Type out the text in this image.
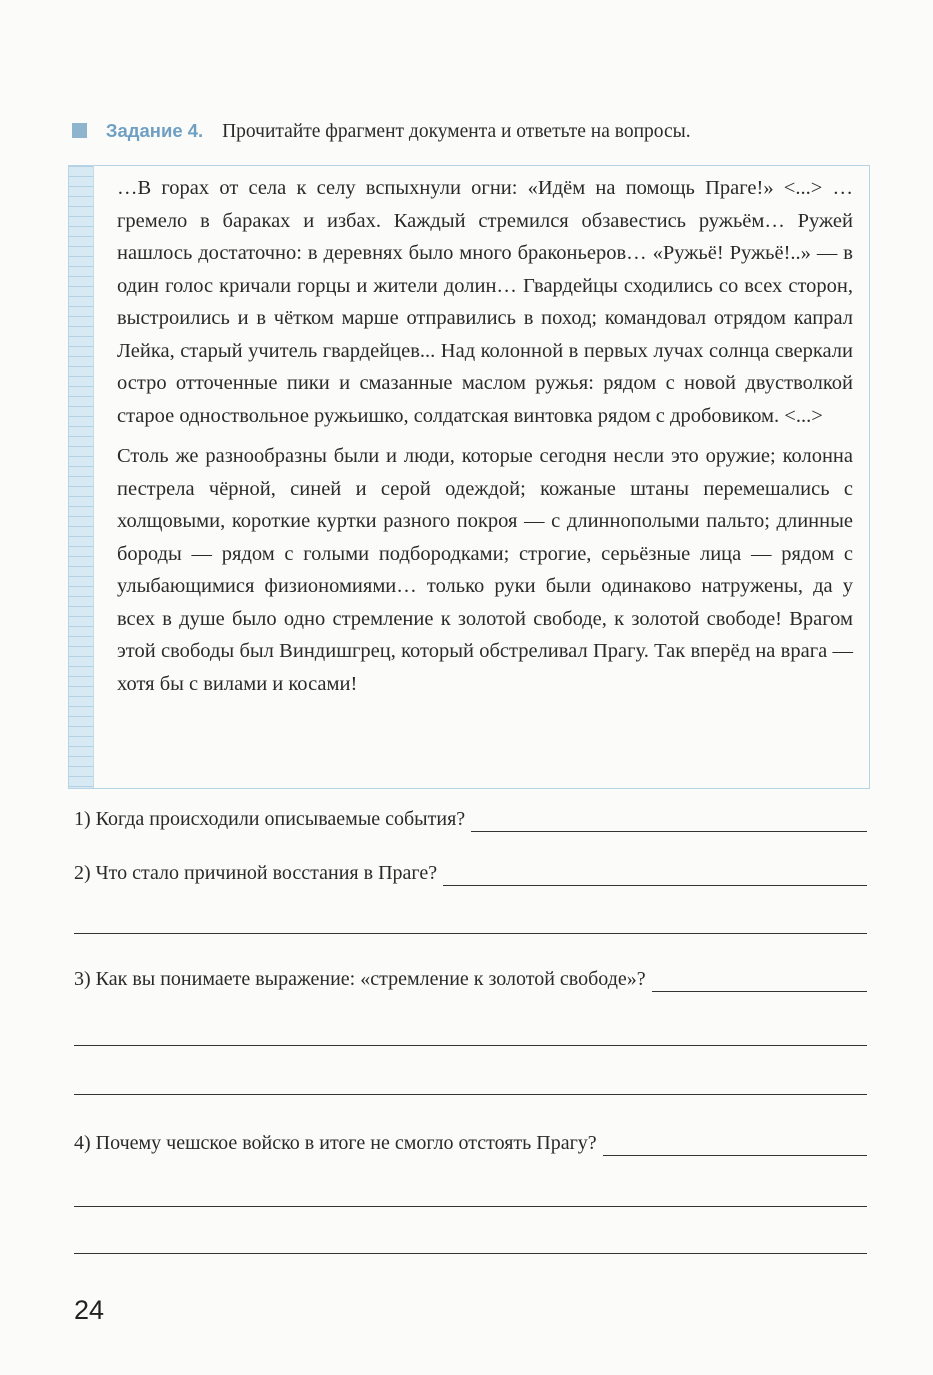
Задание 4. Прочитайте фрагмент документа и ответьте на вопросы.

…В горах от села к селу вспыхнули огни: «Идём на помощь Праге!» <...> …гремело в бараках и избах. Каждый стремился обзавестись ружьём… Ружей нашлось достаточно: в деревнях было много браконьеров… «Ружьё! Ружьё!..» — в один голос кричали горцы и жители долин… Гвардейцы сходились со всех сторон, выстроились и в чётком марше отправились в поход; командовал отрядом капрал Лейка, старый учитель гвардейцев... Над колонной в первых лучах солнца сверкали остро отточенные пики и смазанные маслом ружья: рядом с новой двустволкой старое одноствольное ружьишко, солдатская винтовка рядом с дробовиком. <...>

Столь же разнообразны были и люди, которые сегодня несли это оружие; колонна пестрела чёрной, синей и серой одеждой; кожаные штаны перемешались с холщовыми, короткие куртки разного покроя — с длиннополыми пальто; длинные бороды — рядом с голыми подбородками; строгие, серьёзные лица — рядом с улыбающимися физиономиями… только руки были одинаково натружены, да у всех в душе было одно стремление к золотой свободе, к золотой свободе! Врагом этой свободы был Виндишгрец, который обстреливал Прагу. Так вперёд на врага — хотя бы с вилами и косами!

1) Когда происходили описываемые события?
2) Что стало причиной восстания в Праге?
3) Как вы понимаете выражение: «стремление к золотой свободе»?
4) Почему чешское войско в итоге не смогло отстоять Прагу?
24
